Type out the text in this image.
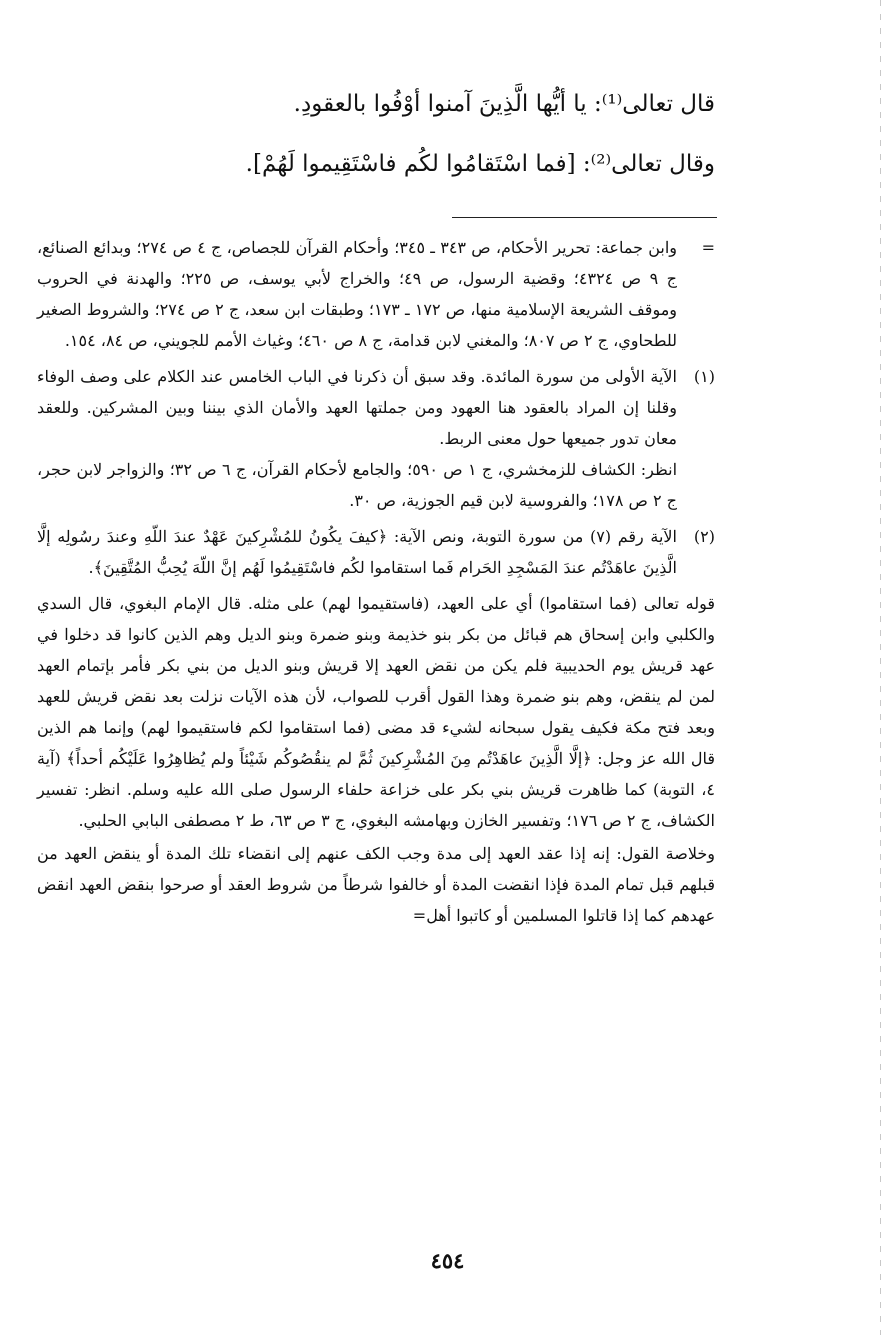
قال تعالى⁽¹⁾: يا أيُّها الَّذِينَ آمنوا أوْفُوا بالعقودِ.
وقال تعالى⁽²⁾: [فما اسْتَقامُوا لكُم فاسْتَقِيموا لَهُمْ].
=

وابن جماعة: تحرير الأحكام، ص ٣٤٣ ـ ٣٤٥؛ وأحكام القرآن للجصاص، ج ٤ ص ٢٧٤؛ وبدائع الصنائع، ج ٩ ص ٤٣٢٤؛ وقضية الرسول، ص ٤٩؛ والخراج لأبي يوسف، ص ٢٢٥؛ والهدنة في الحروب وموقف الشريعة الإسلامية منها، ص ١٧٢ ـ ١٧٣؛ وطبقات ابن سعد، ج ٢ ص ٢٧٤؛ والشروط الصغير للطحاوي، ج ٢ ص ٨٠٧؛ والمغني لابن قدامة، ج ٨ ص ٤٦٠؛ وغياث الأمم للجويني، ص ٨٤، ١٥٤.

(١)

الآية الأولى من سورة المائدة. وقد سبق أن ذكرنا في الباب الخامس عند الكلام على وصف الوفاء وقلنا إن المراد بالعقود هنا العهود ومن جملتها العهد والأمان الذي بيننا وبين المشركين. وللعقد معان تدور جميعها حول معنى الربط.

انظر: الكشاف للزمخشري، ج ١ ص ٥٩٠؛ والجامع لأحكام القرآن، ج ٦ ص ٣٢؛ والزواجر لابن حجر، ج ٢ ص ١٧٨؛ والفروسية لابن قيم الجوزية، ص ٣٠.

(٢)

الآية رقم (٧) من سورة التوبة، ونص الآية: ﴿كيفَ يكُونُ للمُشْرِكينَ عَهْدٌ عندَ اللّهِ وعندَ رسُولِه إلَّا الَّذِينَ عاهَدْتُم عندَ المَسْجِدِ الحَرام فَما استقاموا لكُم فاسْتَقِيمُوا لَهُم إنَّ اللّهَ يُحِبُّ المُتَّقِينَ﴾.

قوله تعالى (فما استقاموا) أي على العهد، (فاستقيموا لهم) على مثله. قال الإمام البغوي، قال السدي والكلبي وابن إسحاق هم قبائل من بكر بنو خذيمة وبنو ضمرة وبنو الديل وهم الذين كانوا قد دخلوا في عهد قريش يوم الحديبية فلم يكن من نقض العهد إلا قريش وبنو الديل من بني بكر فأمر بإتمام العهد لمن لم ينقض، وهم بنو ضمرة وهذا القول أقرب للصواب، لأن هذه الآيات نزلت بعد نقض قريش للعهد وبعد فتح مكة فكيف يقول سبحانه لشيء قد مضى (فما استقاموا لكم فاستقيموا لهم) وإنما هم الذين قال الله عز وجل: ﴿إلَّا الَّذِينَ عاهَدْتُم مِنَ المُشْرِكينَ ثُمَّ لم ينقُصُوكُم شَيْئاً ولم يُظاهِرُوا عَلَيْكُم أحداً﴾ (آية ٤، التوبة) كما ظاهرت قريش بني بكر على خزاعة حلفاء الرسول صلى الله عليه وسلم. انظر: تفسير الكشاف، ج ٢ ص ١٧٦؛ وتفسير الخازن وبهامشه البغوي، ج ٣ ص ٦٣، ط ٢ مصطفى البابي الحلبي.

وخلاصة القول: إنه إذا عقد العهد إلى مدة وجب الكف عنهم إلى انقضاء تلك المدة أو ينقض العهد من قبلهم قبل تمام المدة فإذا انقضت المدة أو خالفوا شرطاً من شروط العقد أو صرحوا بنقض العهد انقض عهدهم كما إذا قاتلوا المسلمين أو كاتبوا أهل=

٤٥٤
